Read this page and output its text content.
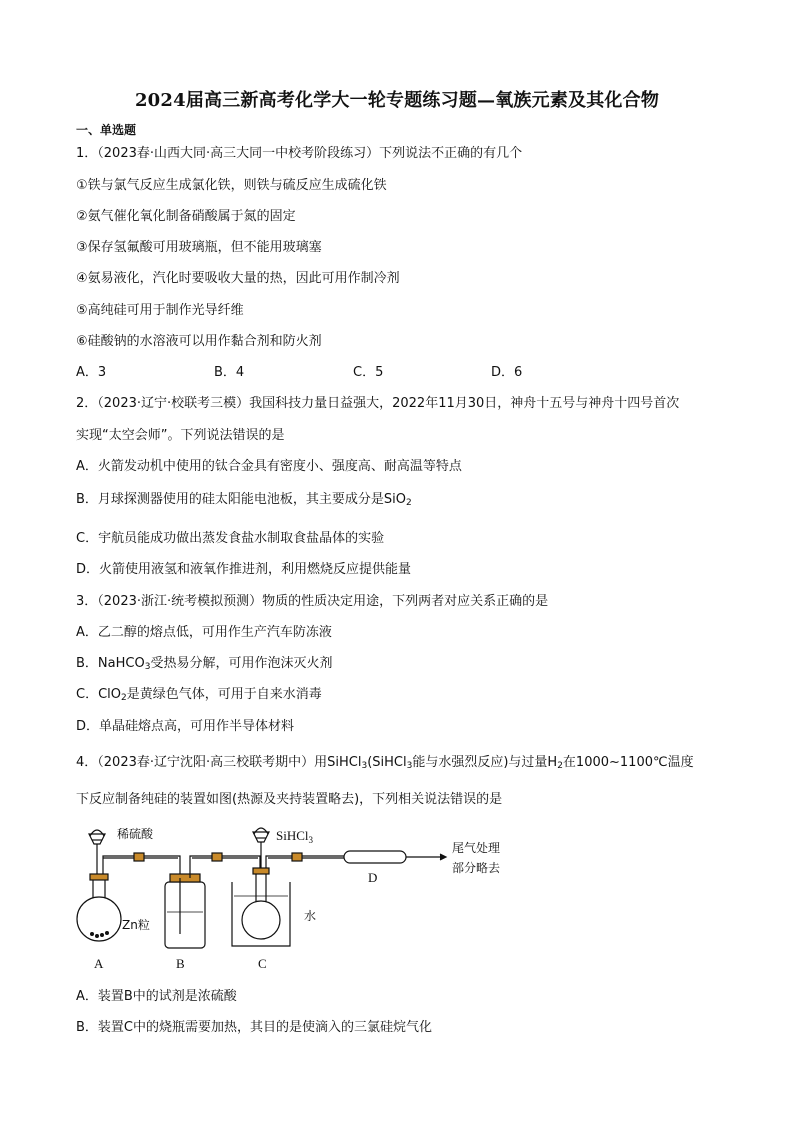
2024届高三新高考化学大一轮专题练习题—氧族元素及其化合物
一、单选题
1．（2023春·山西大同·高三大同一中校考阶段练习）下列说法不正确的有几个
①铁与氯气反应生成氯化铁，则铁与硫反应生成硫化铁
②氨气催化氧化制备硝酸属于氮的固定
③保存氢氟酸可用玻璃瓶，但不能用玻璃塞
④氨易液化，汽化时要吸收大量的热，因此可用作制冷剂
⑤高纯硅可用于制作光导纤维
⑥硅酸钠的水溶液可以用作黏合剂和防火剂
A．3	B．4	C．5	D．6
2．（2023·辽宁·校联考三模）我国科技力量日益强大，2022年11月30日，神舟十五号与神舟十四号首次
实现“太空会师”。下列说法错误的是
A．火箭发动机中使用的钛合金具有密度小、强度高、耐高温等特点
B．月球探测器使用的硅太阳能电池板，其主要成分是SiO$_2$
C．宇航员能成功做出蒸发食盐水制取食盐晶体的实验
D．火箭使用液氢和液氧作推进剂，利用燃烧反应提供能量
3．（2023·浙江·统考模拟预测）物质的性质决定用途，下列两者对应关系正确的是
A．乙二醇的熔点低，可用作生产汽车防冻液
B．NaHCO$_3$受热易分解，可用作泡沫灭火剂
C．ClO$_2$是黄绿色气体，可用于自来水消毒
D．单晶硅熔点高，可用作半导体材料
4．（2023春·辽宁沈阳·高三校联考期中）用SiHCl$_3$(SiHCl$_3$能与水强烈反应)与过量$H_2$在1000~1100℃温度
下反应制备纯硅的装置如图(热源及夹持装置略去)，下列相关说法错误的是
稀硫酸
Zn粒
SiHCl$_3$
水
尾气处理
部分略去
A	B	C
D
A．装置B中的试剂是浓硫酸
B．装置C中的烧瓶需要加热，其目的是使滴入的三氯硅烷气化
